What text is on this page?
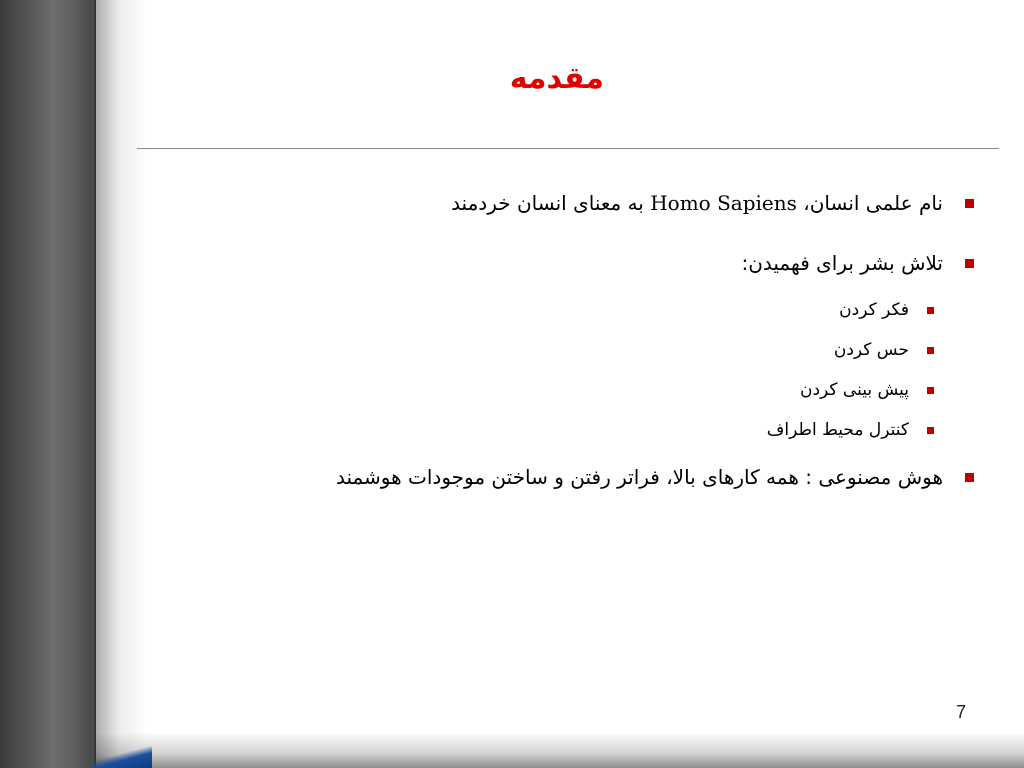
مقدمه
نام علمی انسان، Homo Sapiens به معنای انسان خردمند
تلاش بشر برای فهمیدن:
فکر کردن
حس کردن
پیش بینی کردن
کنترل محیط اطراف
هوش مصنوعی : همه کارهای بالا، فراتر رفتن و ساختن موجودات هوشمند
7
